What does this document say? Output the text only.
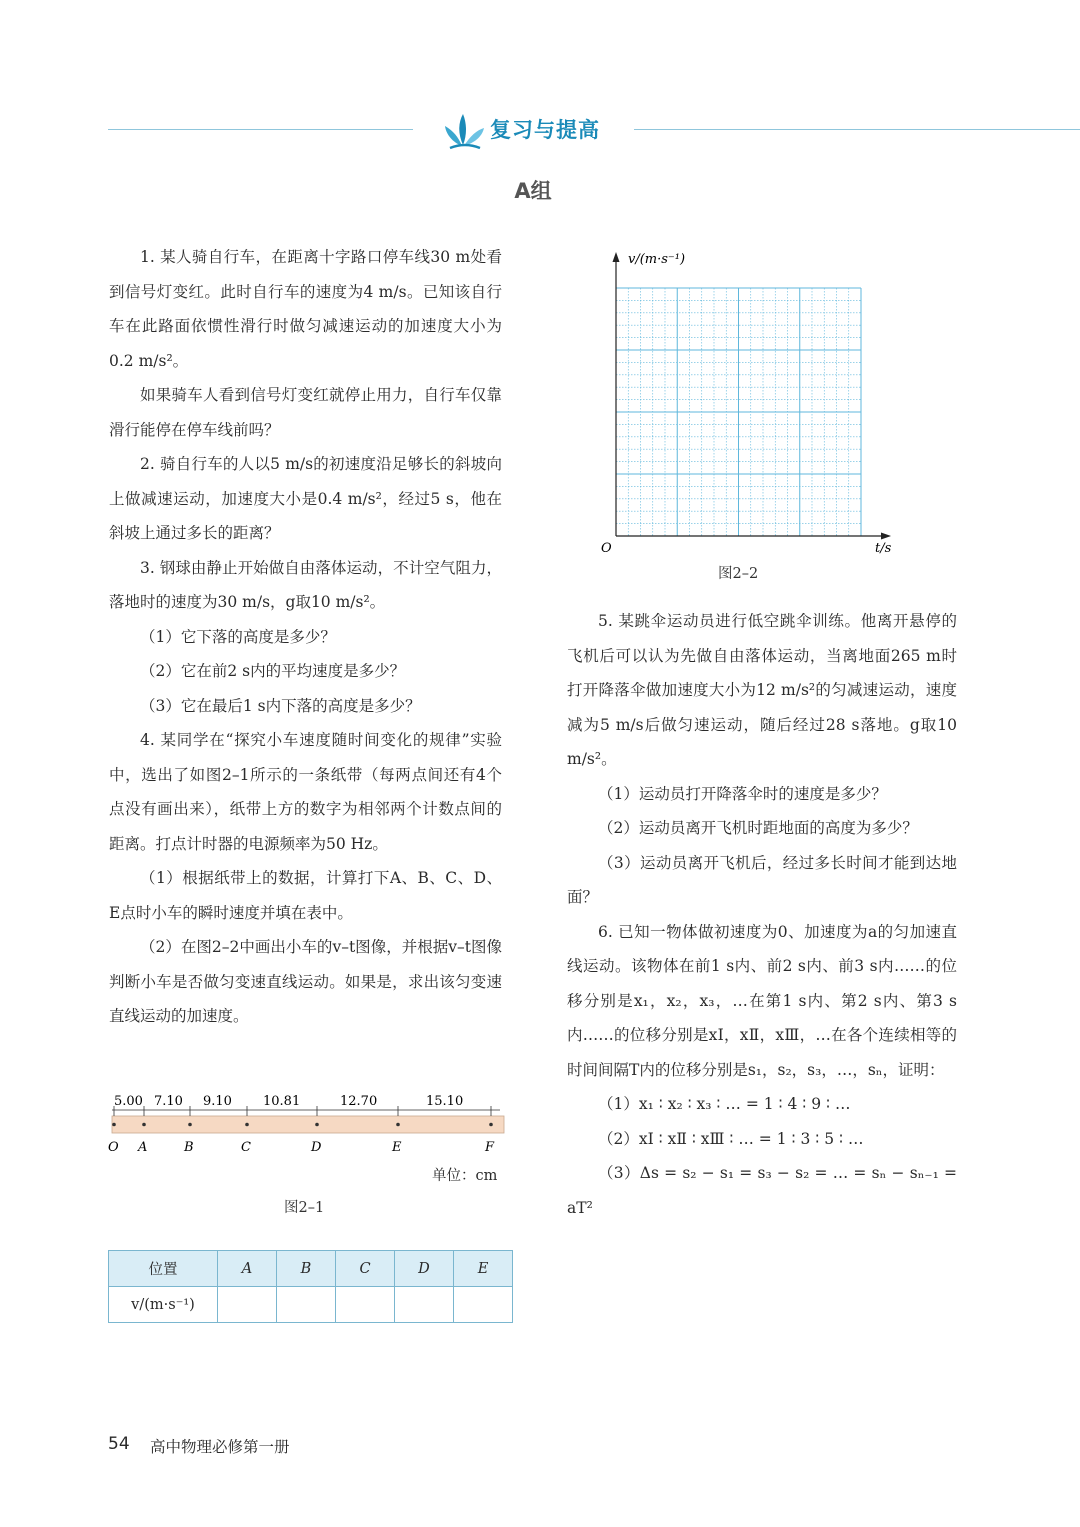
复习与提高
A组

1. 某人骑自行车，在距离十字路口停车线30 m处看到信号灯变红。此时自行车的速度为4 m/s。已知该自行车在此路面依惯性滑行时做匀减速运动的加速度大小为0.2 m/s²。

如果骑车人看到信号灯变红就停止用力，自行车仅靠滑行能停在停车线前吗？

2. 骑自行车的人以5 m/s的初速度沿足够长的斜坡向上做减速运动，加速度大小是0.4 m/s²，经过5 s，他在斜坡上通过多长的距离？

3. 钢球由静止开始做自由落体运动，不计空气阻力，落地时的速度为30 m/s，g取10 m/s²。

（1）它下落的高度是多少？

（2）它在前2 s内的平均速度是多少？

（3）它在最后1 s内下落的高度是多少？

4. 某同学在“探究小车速度随时间变化的规律”实验中，选出了如图2–1所示的一条纸带（每两点间还有4个点没有画出来），纸带上方的数字为相邻两个计数点间的距离。打点计时器的电源频率为50 Hz。

（1）根据纸带上的数据，计算打下A、B、C、D、E点时小车的瞬时速度并填在表中。

（2）在图2–2中画出小车的v–t图像，并根据v–t图像判断小车是否做匀变速直线运动。如果是，求出该匀变速直线运动的加速度。

5.00 7.10 9.10 10.81	12.70	15.10
O A	B	C	D	E	F
单位：cm
图2–1
位置	A	B	C	D	E
v/(m·s⁻¹)					
v/(m·s⁻¹)
t/s
O
图2–2

5. 某跳伞运动员进行低空跳伞训练。他离开悬停的飞机后可以认为先做自由落体运动，当离地面265 m时打开降落伞做加速度大小为12 m/s²的匀减速运动，速度减为5 m/s后做匀速运动，随后经过28 s落地。g取10 m/s²。

（1）运动员打开降落伞时的速度是多少？

（2）运动员离开飞机时距地面的高度为多少？

（3）运动员离开飞机后，经过多长时间才能到达地面？

6. 已知一物体做初速度为0、加速度为a的匀加速直线运动。该物体在前1 s内、前2 s内、前3 s内……的位移分别是x₁，x₂，x₃，…在第1 s内、第2 s内、第3 s内……的位移分别是xⅠ，xⅡ，xⅢ，…在各个连续相等的时间间隔T内的位移分别是s₁，s₂，s₃，…，sₙ，证明：

（1）x₁ ∶ x₂ ∶ x₃ ∶ … = 1 ∶ 4 ∶ 9 ∶ …

（2）xⅠ ∶ xⅡ ∶ xⅢ ∶ … = 1 ∶ 3 ∶ 5 ∶ …

（3）Δs = s₂ − s₁ = s₃ − s₂ = … = sₙ − sₙ₋₁ = aT²

54 高中物理必修第一册
